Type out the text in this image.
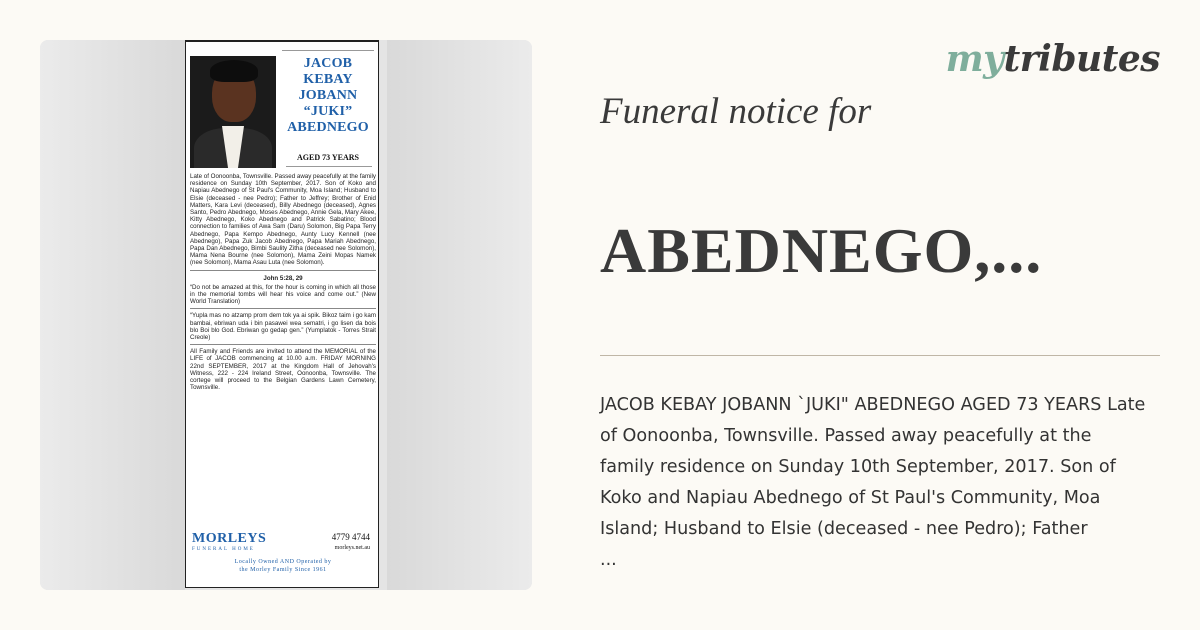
JACOB
KEBAY
JOBANN
“JUKI”
ABEDNEGO
AGED 73 YEARS

Late of Oonoonba, Townsville. Passed away peacefully at the family residence on Sunday 10th September, 2017. Son of Koko and Napiau Abednego of St Paul's Community, Moa Island; Husband to Elsie (deceased - nee Pedro); Father to Jeffrey; Brother of Enid Matters, Kara Levi (deceased), Billy Abednego (deceased), Agnes Santo, Pedro Abednego, Moses Abednego, Annie Gela, Mary Akee, Kitty Abednego, Koko Abednego and Patrick Sabatino; Blood connection to families of Awa Sam (Daru) Solomon, Big Papa Terry Abednego, Papa Kempo Abednego, Aunty Lucy Kennell (nee Abednego), Papa Zuk Jacob Abednego, Papa Mariah Abednego, Papa Dan Abednego, Bimbi Saulity Zitha (deceased nee Solomon), Mama Nena Bourne (nee Solomon), Mama Zeini Mopas Namek (nee Solomon), Mama Asau Luta (nee Solomon).

John 5:28, 29

“Do not be amazed at this, for the hour is coming in which all those in the memorial tombs will hear his voice and come out.” (New World Translation)

“Yupla mas no atzamp prom dem tok ya ai spik. Bikoz taim i go kam bambai, ebriwan uda i bin pasawei wea sematri, i go lisen da bois blo Boi blo God. Ebriwan go gedap gen.” (Yumplatok - Torres Strait Creole)

All Family and Friends are invited to attend the MEMORIAL of the LIFE of JACOB commencing at 10.00 a.m. FRIDAY MORNING 22nd SEPTEMBER, 2017 at the Kingdom Hall of Jehovah's Witness, 222 - 224 Ireland Street, Oonoonba, Townsville. The cortege will proceed to the Belgian Gardens Lawn Cemetery, Townsville.

MORLEYS
FUNERAL HOME
4779 4744
morleys.net.au
Locally Owned AND Operated by
the Morley Family Since 1961
mytributes
Funeral notice for
ABEDNEGO,...
JACOB KEBAY JOBANN `JUKI" ABEDNEGO AGED 73 YEARS Late
of Oonoonba, Townsville. Passed away peacefully at the
family residence on Sunday 10th September, 2017. Son of
Koko and Napiau Abednego of St Paul's Community, Moa
Island; Husband to Elsie (deceased - nee Pedro); Father
...
